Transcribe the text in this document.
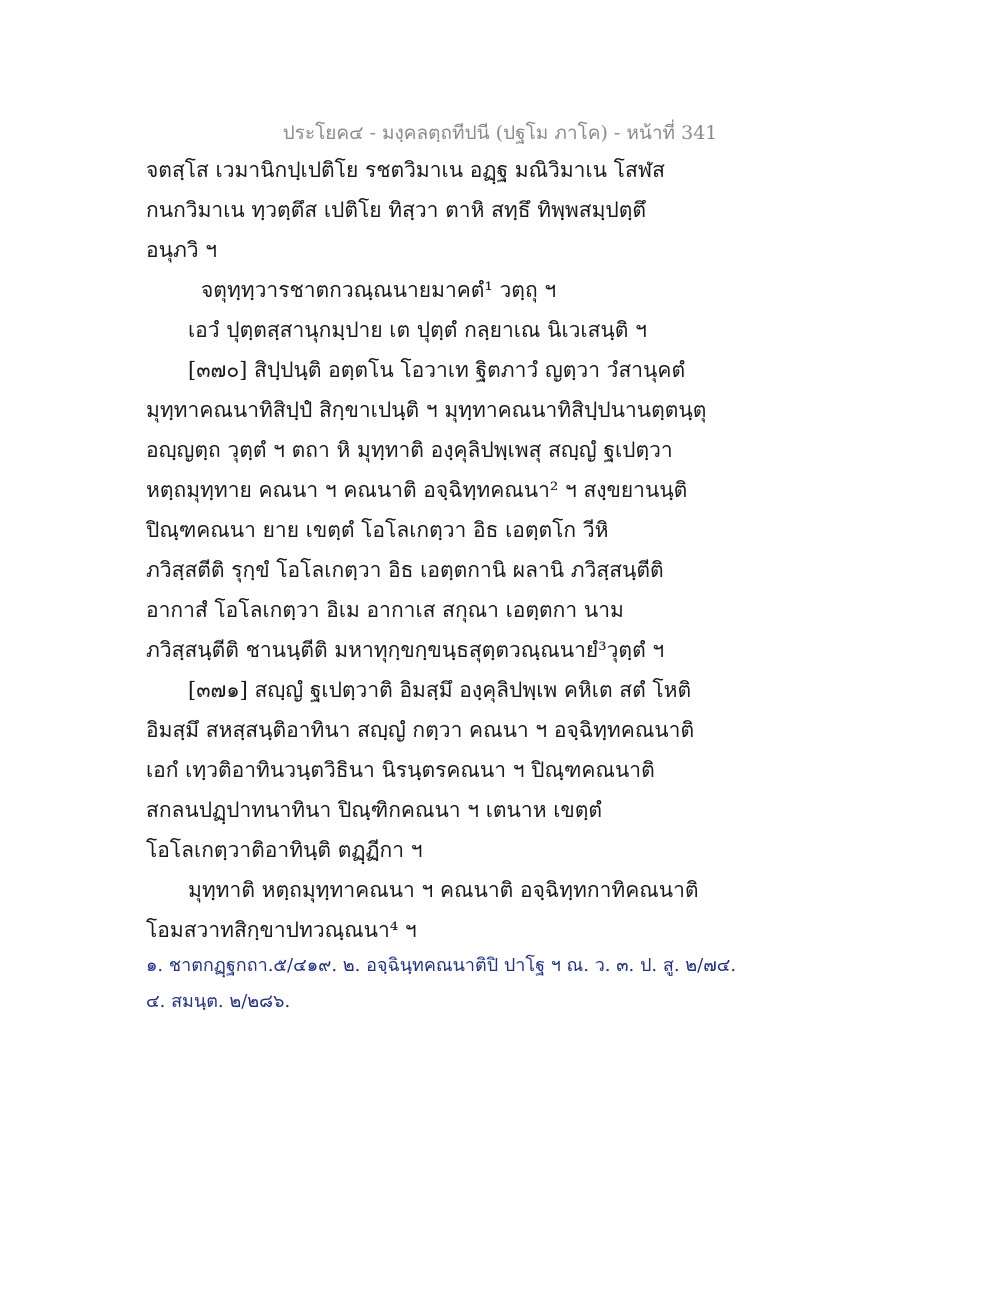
ประโยค๔ - มงฺคลตฺถทีปนี (ปฐโม ภาโค) - หน้าที่ 341
จตสฺโส เวมานิกปฺเปติโย รชตวิมาเน อฏฺฐ มณิวิมาเน โสฬส
กนกวิมาเน ทฺวตฺตึส เปติโย ทิสฺวา ตาหิ สทฺธึ ทิพฺพสมฺปตฺตึ
อนุภวิ ฯ
จตุทฺทฺวารชาตกวณฺณนายมาคตํ¹ วตฺถุ ฯ
เอวํ ปุตฺตสฺสานุกมฺปาย เต ปุตฺตํ กลฺยาเณ นิเวเสนฺติ ฯ
[๓๗๐] สิปฺปนฺติ อตฺตโน โอวาเท ฐิตภาวํ ญตฺวา วํสานุคตํ
มุทฺทาคณนาทิสิปฺปํ สิกฺขาเปนฺติ ฯ มุทฺทาคณนาทิสิปฺปนานตฺตนฺตุ
อญฺญตฺถ วุตฺตํ ฯ ตถา หิ มุทฺทาติ องฺคุลิปพฺเพสุ สญฺญํ ฐเปตฺวา
หตฺถมุทฺทาย คณนา ฯ คณนาติ อจฺฉิทฺทคณนา² ฯ สงฺขยานนฺติ
ปิณฺฑคณนา ยาย เขตฺตํ โอโลเกตฺวา อิธ เอตฺตโก วีหิ
ภวิสฺสตีติ รุกฺขํ โอโลเกตฺวา อิธ เอตฺตกานิ ผลานิ ภวิสฺสนฺตีติ
อากาสํ โอโลเกตฺวา อิเม อากาเส สกุณา เอตฺตกา นาม
ภวิสฺสนฺตีติ ชานนฺตีติ มหาทุกฺขกฺขนฺธสุตฺตวณฺณนายํ³วุตฺตํ ฯ
[๓๗๑] สญฺญํ ฐเปตฺวาติ อิมสฺมึ องฺคุลิปพฺเพ คหิเต สตํ โหติ
อิมสฺมึ สหสฺสนฺติอาทินา สญฺญํ กตฺวา คณนา ฯ อจฺฉิทฺทคณนาติ
เอกํ เทฺวติอาทินวนฺตวิธินา นิรนฺตรคณนา ฯ ปิณฺฑคณนาติ
สกลนปฏฺปาทนาทินา ปิณฺฑิกคณนา ฯ เตนาห เขตฺตํ
โอโลเกตฺวาติอาทินฺติ ตฏฺฏีกา ฯ
มุทฺทาติ หตฺถมุทฺทาคณนา ฯ คณนาติ อจฺฉิทฺทกาทิคณนาติ
โอมสวาทสิกฺขาปทวณฺณนา⁴ ฯ
๑. ชาตกฏฺฐกถา.๕/๔๑๙. ๒. อจฺฉินฺทคณนาติปิ ปาโฐ ฯ ณ. ว. ๓. ป. สู. ๒/๗๔.
๔. สมนฺต. ๒/๒๘๖.
